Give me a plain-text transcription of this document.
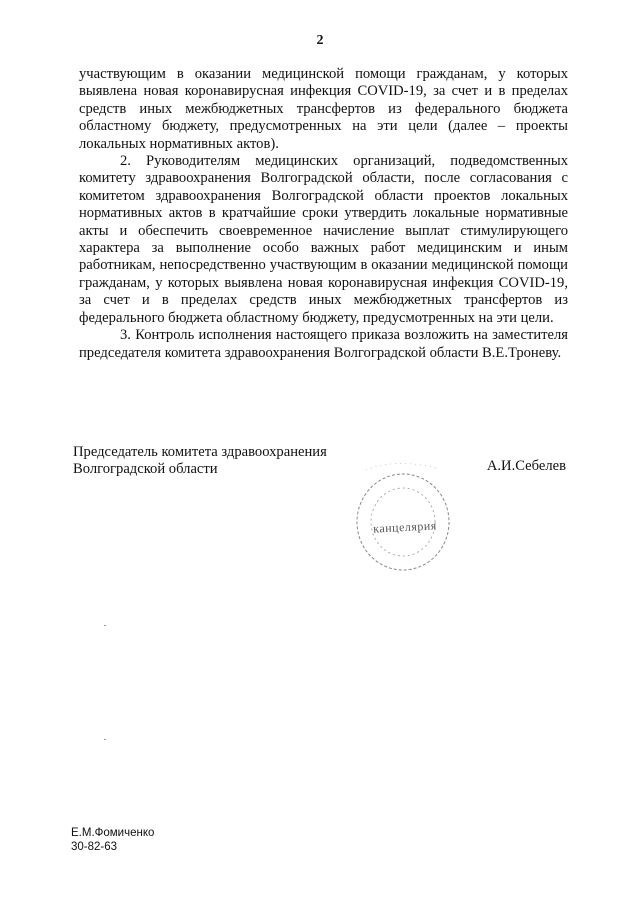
2

участвующим в оказании медицинской помощи гражданам, у которых выявлена новая коронавирусная инфекция COVID-19, за счет и в пределах средств иных межбюджетных трансфертов из федерального бюджета областному бюджету, предусмотренных на эти цели (далее – проекты локальных нормативных актов).

2. Руководителям медицинских организаций, подведомственных комитету здравоохранения Волгоградской области, после согласования с комитетом здравоохранения Волгоградской области проектов локальных нормативных актов в кратчайшие сроки утвердить локальные нормативные акты и обеспечить своевременное начисление выплат стимулирующего характера за выполнение особо важных работ медицинским и иным работникам, непосредственно участвующим в оказании медицинской помощи гражданам, у которых выявлена новая коронавирусная инфекция COVID-19, за счет и в пределах средств иных межбюджетных трансфертов из федерального бюджета областному бюджету, предусмотренных на эти цели.

3. Контроль исполнения настоящего приказа возложить на заместителя председателя комитета здравоохранения Волгоградской области В.Е.Троневу.

Председатель комитета здравоохранения
Волгоградской области	А.И.Себелев
канцелярия
Е.М.Фомиченко
30-82-63
